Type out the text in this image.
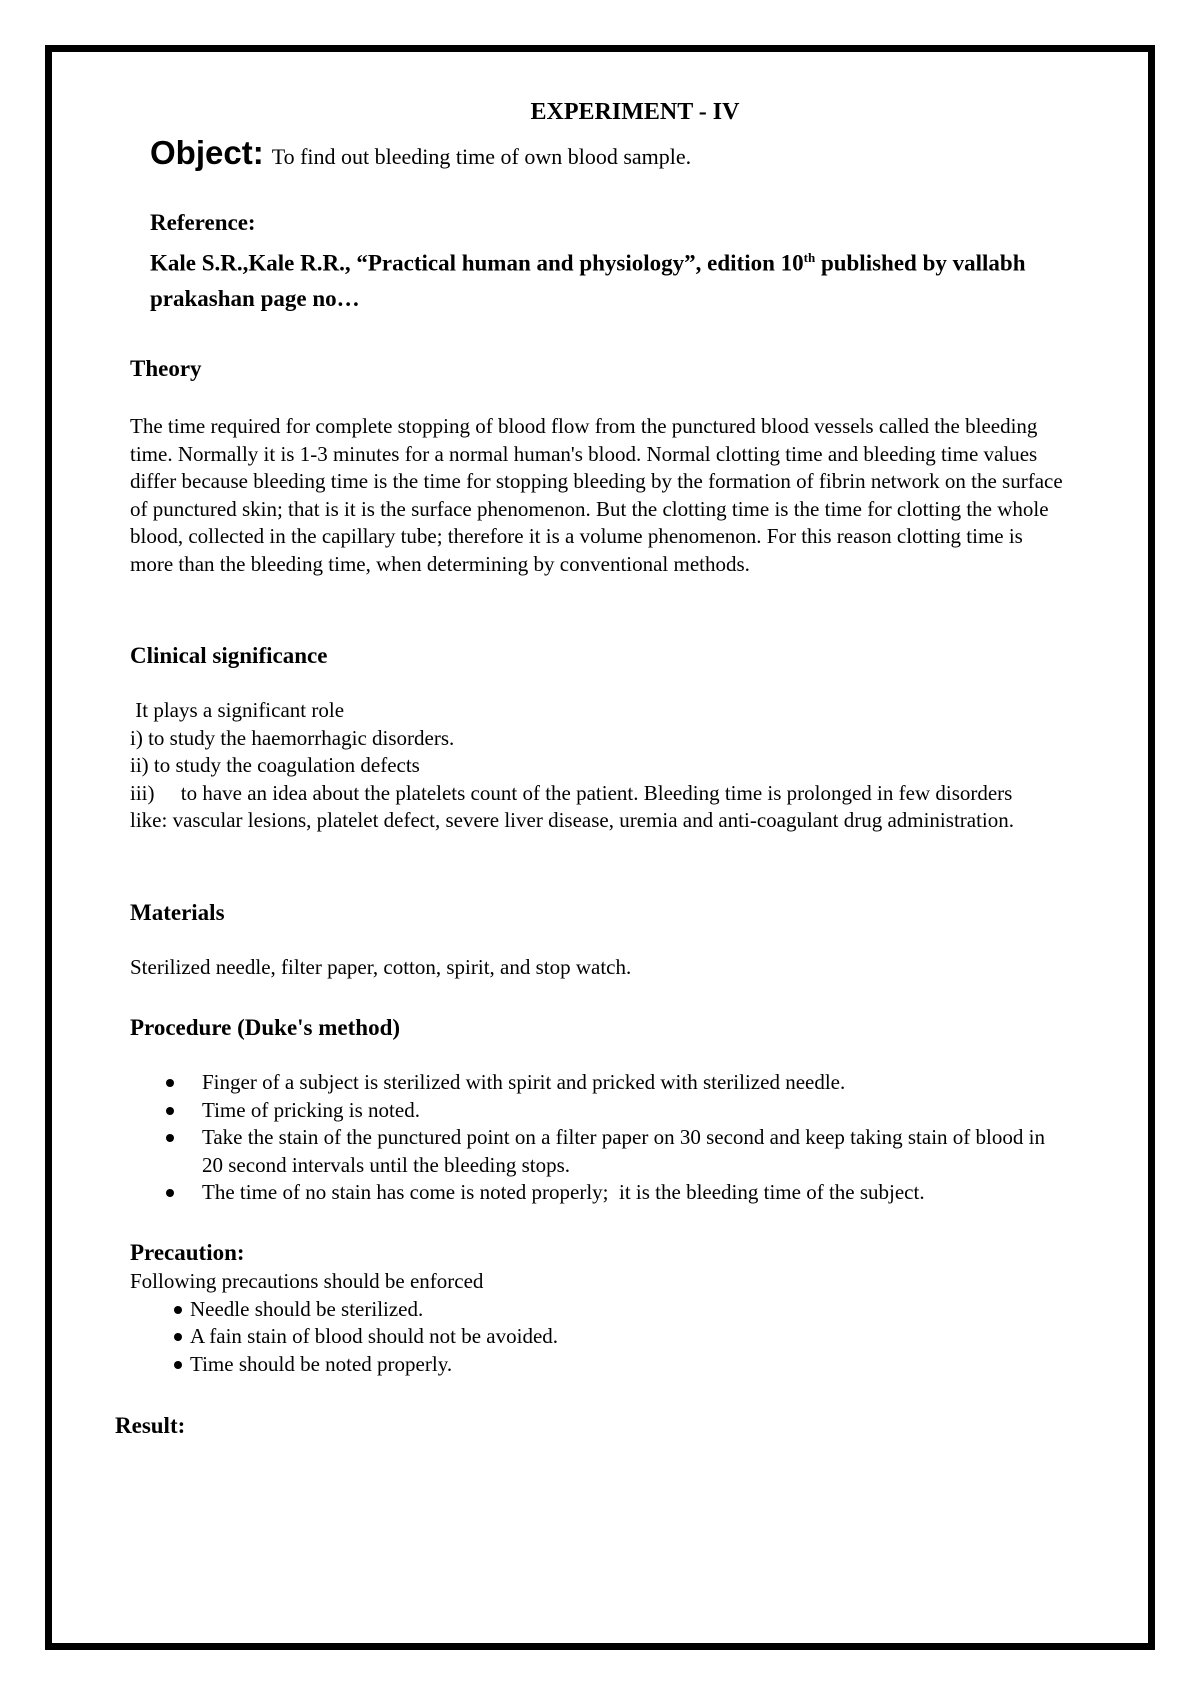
EXPERIMENT - IV
Object: To find out bleeding time of own blood sample.
Reference:
Kale S.R.,Kale R.R., “Practical human and physiology”, edition 10th published by vallabh prakashan page no…
Theory
The time required for complete stopping of blood flow from the punctured blood vessels called the bleeding time. Normally it is 1-3 minutes for a normal human's blood. Normal clotting time and bleeding time values differ because bleeding time is the time for stopping bleeding by the formation of fibrin network on the surface of punctured skin; that is it is the surface phenomenon. But the clotting time is the time for clotting the whole blood, collected in the capillary tube; therefore it is a volume phenomenon. For this reason clotting time is more than the bleeding time, when determining by conventional methods.
Clinical significance
It plays a significant role
i) to study the haemorrhagic disorders.
ii) to study the coagulation defects
iii)     to have an idea about the platelets count of the patient. Bleeding time is prolonged in few disorders like: vascular lesions, platelet defect, severe liver disease, uremia and anti-coagulant drug administration.
Materials
Sterilized needle, filter paper, cotton, spirit, and stop watch.
Procedure (Duke's method)
Finger of a subject is sterilized with spirit and pricked with sterilized needle.
Time of pricking is noted.
Take the stain of the punctured point on a filter paper on 30 second and keep taking stain of blood in 20 second intervals until the bleeding stops.
The time of no stain has come is noted properly;  it is the bleeding time of the subject.
Precaution:
Following precautions should be enforced
Needle should be sterilized.
A fain stain of blood should not be avoided.
Time should be noted properly.
Result:
